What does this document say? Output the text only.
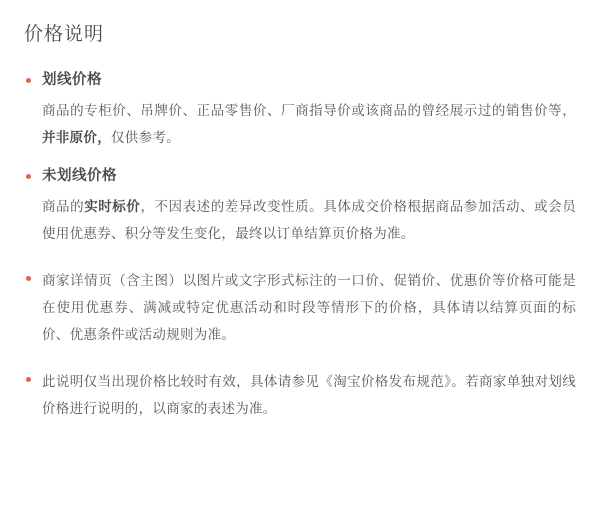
价格说明
划线价格

商品的专柜价、吊牌价、正品零售价、厂商指导价或该商品的曾经展示过的销售价等，并非原价，仅供参考。

未划线价格

商品的实时标价，不因表述的差异改变性质。具体成交价格根据商品参加活动、或会员使用优惠券、积分等发生变化，最终以订单结算页价格为准。

商家详情页（含主图）以图片或文字形式标注的一口价、促销价、优惠价等价格可能是在使用优惠券、满减或特定优惠活动和时段等情形下的价格，具体请以结算页面的标价、优惠条件或活动规则为准。

此说明仅当出现价格比较时有效，具体请参见《淘宝价格发布规范》。若商家单独对划线价格进行说明的，以商家的表述为准。
